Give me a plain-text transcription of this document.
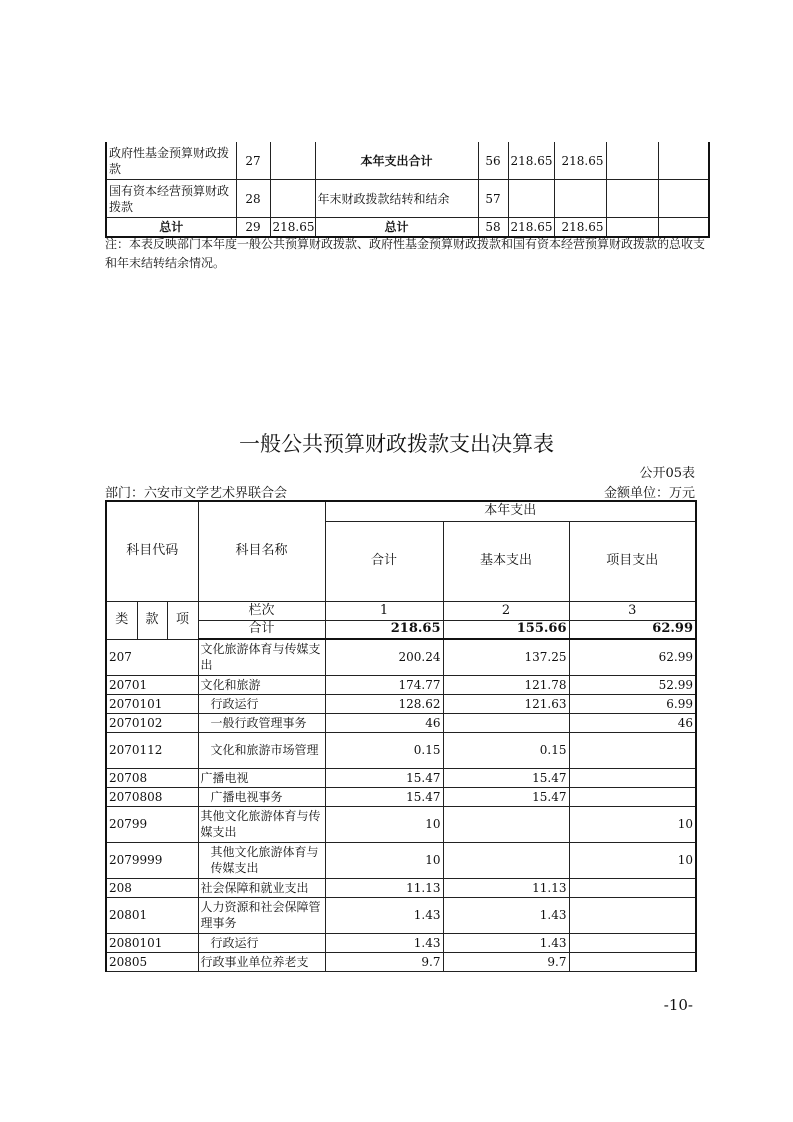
政府性基金预算财政拨款	27		本年支出合计	56	218.65	218.65		
国有资本经营预算财政拨款	28		年末财政拨款结转和结余	57				
总计	29	218.65	总计	58	218.65	218.65		
注：本表反映部门本年度一般公共预算财政拨款、政府性基金预算财政拨款和国有资本经营预算财政拨款的总收支和年末结转结余情况。
一般公共预算财政拨款支出决算表
公开05表
部门：六安市文学艺术界联合会	金额单位：万元
科目代码			科目名称	本年支出		
				合计	基本支出	项目支出
类	款	项	栏次	1	2	3
			合计	218.65	155.66	62.99
207			文化旅游体育与传媒支出	200.24	137.25	62.99
20701			文化和旅游	174.77	121.78	52.99
2070101			行政运行	128.62	121.63	6.99
2070102			一般行政管理事务	46		46
2070112			文化和旅游市场管理	0.15	0.15	
20708			广播电视	15.47	15.47	
2070808			广播电视事务	15.47	15.47	
20799			其他文化旅游体育与传媒支出	10		10
2079999			其他文化旅游体育与传媒支出	10		10
208			社会保障和就业支出	11.13	11.13	
20801			人力资源和社会保障管理事务	1.43	1.43	
2080101			行政运行	1.43	1.43	
20805			行政事业单位养老支	9.7	9.7	
-10-
